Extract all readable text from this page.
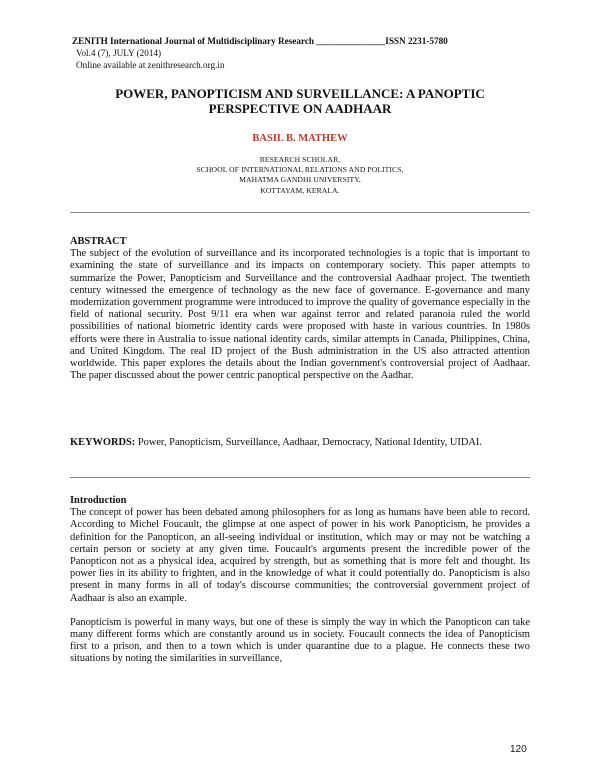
ZENITH International Journal of Multidisciplinary Research _______________ISSN 2231-5780
Vol.4 (7), JULY (2014)
Online available at zenithresearch.org.in
POWER, PANOPTICISM AND SURVEILLANCE: A PANOPTIC
PERSPECTIVE ON AADHAAR
BASIL B. MATHEW
RESEARCH SCHOLAR,
SCHOOL OF INTERNATIONAL RELATIONS AND POLITICS,
MAHATMA GANDHI UNIVERSITY,
KOTTAYAM, KERALA.
ABSTRACT

The subject of the evolution of surveillance and its incorporated technologies is a topic that is important to examining the state of surveillance and its impacts on contemporary society. This paper attempts to summarize the Power, Panopticism and Surveillance and the controversial Aadhaar project. The twentieth century witnessed the emergence of technology as the new face of governance. E-governance and many modernization government programme were introduced to improve the quality of governance especially in the field of national security. Post 9/11 era when war against terror and related paranoia ruled the world possibilities of national biometric identity cards were proposed with haste in various countries. In 1980s efforts were there in Australia to issue national identity cards, similar attempts in Canada, Philippines, China, and United Kingdom. The real ID project of the Bush administration in the US also attracted attention worldwide. This paper explores the details about the Indian government's controversial project of Aadhaar. The paper discussed about the power centric panoptical perspective on the Aadhar.

KEYWORDS: Power, Panopticism, Surveillance, Aadhaar, Democracy, National Identity, UIDAI.

Introduction

The concept of power has been debated among philosophers for as long as humans have been able to record. According to Michel Foucault, the glimpse at one aspect of power in his work Panopticism, he provides a definition for the Panopticon, an all-seeing individual or institution, which may or may not be watching a certain person or society at any given time. Foucault's arguments present the incredible power of the Panopticon not as a physical idea, acquired by strength, but as something that is more felt and thought. Its power lies in its ability to frighten, and in the knowledge of what it could potentially do. Panopticism is also present in many forms in all of today's discourse communities; the controversial government project of Aadhaar is also an example.

Panopticism is powerful in many ways, but one of these is simply the way in which the Panopticon can take many different forms which are constantly around us in society. Foucault connects the idea of Panopticism first to a prison, and then to a town which is under quarantine due to a plague. He connects these two situations by noting the similarities in surveillance,

120
